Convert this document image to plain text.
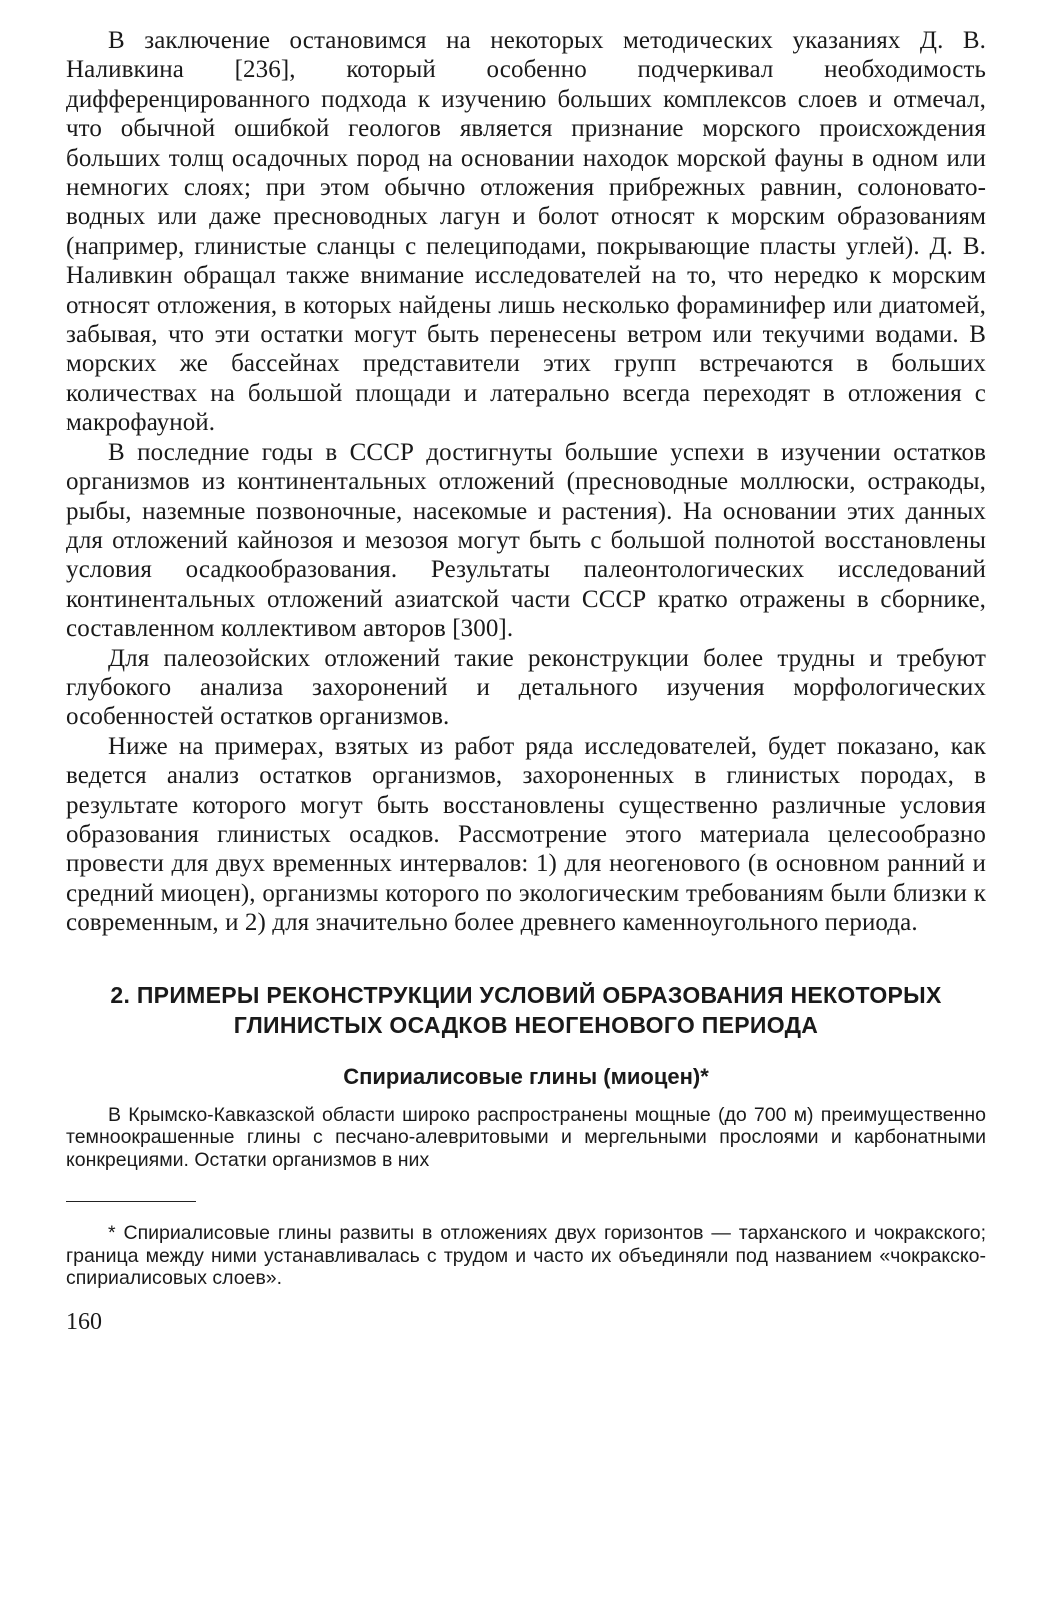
В заключение остановимся на некоторых методических указаниях Д. В. Наливкина [236], который особенно подчеркивал необходимость дифференцированного подхода к изучению больших комплексов слоев и отмечал, что обычной ошибкой геологов является признание морского происхождения больших толщ осадочных пород на основании находок морской фауны в одном или немногих слоях; при этом обычно отложения прибрежных равнин, солоновато-водных или даже пресноводных лагун и болот относят к морским образованиям (например, глинистые сланцы с пелециподами, покрывающие пласты углей). Д. В. Наливкин обращал также внимание исследователей на то, что нередко к морским относят отложения, в которых найдены лишь несколько фораминифер или диатомей, забывая, что эти остатки могут быть перенесены ветром или текучими водами. В морских же бассейнах представители этих групп встречаются в больших количествах на большой площади и латерально всегда переходят в отложения с макрофауной.

В последние годы в СССР достигнуты большие успехи в изучении остатков организмов из континентальных отложений (пресноводные моллюски, остракоды, рыбы, наземные позвоночные, насекомые и растения). На основании этих данных для отложений кайнозоя и мезозоя могут быть с большой полнотой восстановлены условия осадкообразования. Результаты палеонтологических исследований континентальных отложений азиатской части СССР кратко отражены в сборнике, составленном коллективом авторов [300].

Для палеозойских отложений такие реконструкции более трудны и требуют глубокого анализа захоронений и детального изучения морфологических особенностей остатков организмов.

Ниже на примерах, взятых из работ ряда исследователей, будет показано, как ведется анализ остатков организмов, захороненных в глинистых породах, в результате которого могут быть восстановлены существенно различные условия образования глинистых осадков. Рассмотрение этого материала целесообразно провести для двух временных интервалов: 1) для неогенового (в основном ранний и средний миоцен), организмы которого по экологическим требованиям были близки к современным, и 2) для значительно более древнего каменноугольного периода.

2. ПРИМЕРЫ РЕКОНСТРУКЦИИ УСЛОВИЙ ОБРАЗОВАНИЯ НЕКОТОРЫХ ГЛИНИСТЫХ ОСАДКОВ НЕОГЕНОВОГО ПЕРИОДА
Спириалисовые глины (миоцен)*

В Крымско-Кавказской области широко распространены мощные (до 700 м) преимущественно темноокрашенные глины с песчано-алевритовыми и мергельными прослоями и карбонатными конкрециями. Остатки организмов в них

* Спириалисовые глины развиты в отложениях двух горизонтов — тарханского и чокракского; граница между ними устанавливалась с трудом и часто их объединяли под названием «чокракско-спириалисовых слоев».

160
